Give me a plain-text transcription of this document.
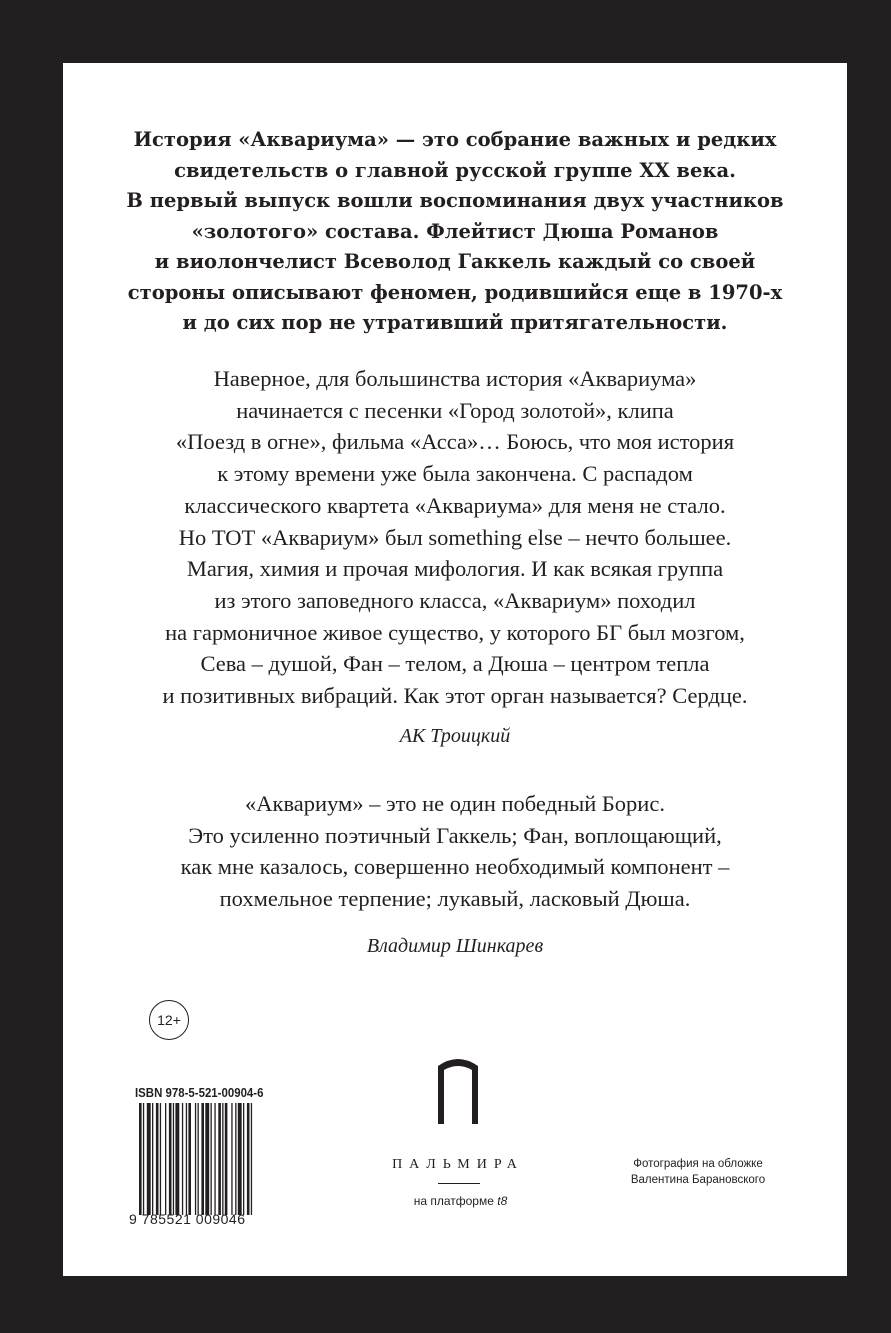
История «Аквариума» — это собрание важных и редких
свидетельств о главной русской группе XX века.
В первый выпуск вошли воспоминания двух участников
«золотого» состава. Флейтист Дюша Романов
и виолончелист Всеволод Гаккель каждый со своей
стороны описывают феномен, родившийся еще в 1970-х
и до сих пор не утративший притягательности.
Наверное, для большинства история «Аквариума»
начинается с песенки «Город золотой», клипа
«Поезд в огне», фильма «Асса»… Боюсь, что моя история
к этому времени уже была закончена. С распадом
классического квартета «Аквариума» для меня не стало.
Но ТОТ «Аквариум» был something else – нечто большее.
Магия, химия и прочая мифология. И как всякая группа
из этого заповедного класса, «Аквариум» походил
на гармоничное живое существо, у которого БГ был мозгом,
Сева – душой, Фан – телом, а Дюша – центром тепла
и позитивных вибраций. Как этот орган называется? Сердце.
АК Троицкий
«Аквариум» – это не один победный Борис.
Это усиленно поэтичный Гаккель; Фан, воплощающий,
как мне казалось, совершенно необходимый компонент –
похмельное терпение; лукавый, ласковый Дюша.
Владимир Шинкарев
12+
ISBN 978-5-521-00904-6
9 785521 009046
ПАЛЬМИРА
на платформе t8
Фотография на обложке
Валентина Барановского
